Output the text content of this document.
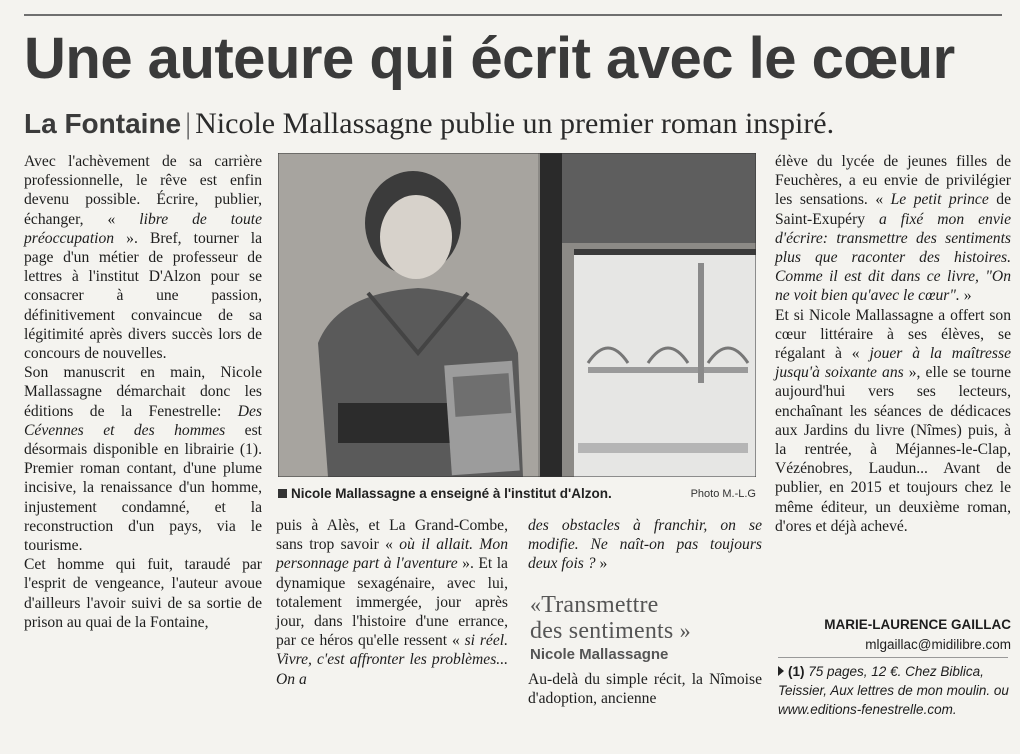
Une auteure qui écrit avec le cœur
La Fontaine | Nicole Mallassagne publie un premier roman inspiré.

Avec l'achèvement de sa carrière professionnelle, le rêve est enfin devenu possible. Écrire, publier, échanger, « libre de toute préoccupation ». Bref, tourner la page d'un métier de professeur de lettres à l'institut D'Alzon pour se consacrer à une passion, définitivement convaincue de sa légitimité après divers succès lors de concours de nouvelles.

Son manuscrit en main, Nicole Mallassagne démarchait donc les éditions de la Fenestrelle: Des Cévennes et des hommes est désormais disponible en librairie (1). Premier roman contant, d'une plume incisive, la renaissance d'un homme, injustement condamné, et la reconstruction d'un pays, via le tourisme.

Cet homme qui fuit, taraudé par l'esprit de vengeance, l'auteur avoue d'ailleurs l'avoir suivi de sa sortie de prison au quai de la Fontaine,

Nicole Mallassagne a enseigné à l'institut d'Alzon.	Photo M.-L.G

puis à Alès, et La Grand-Combe, sans trop savoir « où il allait. Mon personnage part à l'aventure ». Et la dynamique sexagénaire, avec lui, totalement immergée, jour après jour, dans l'histoire d'une errance, par ce héros qu'elle ressent « si réel. Vivre, c'est affronter les problèmes... On a

des obstacles à franchir, on se modifie. Ne naît-on pas toujours deux fois ? »

Au-delà du simple récit, la Nîmoise d'adoption, ancienne

«Transmettre
des sentiments »
Nicole Mallassagne

élève du lycée de jeunes filles de Feuchères, a eu envie de privilégier les sensations. « Le petit prince de Saint-Exupéry a fixé mon envie d'écrire: transmettre des sentiments plus que raconter des histoires. Comme il est dit dans ce livre, "On ne voit bien qu'avec le cœur". »

Et si Nicole Mallassagne a offert son cœur littéraire à ses élèves, se régalant à « jouer à la maîtresse jusqu'à soixante ans », elle se tourne aujourd'hui vers ses lecteurs, enchaînant les séances de dédicaces aux Jardins du livre (Nîmes) puis, à la rentrée, à Méjannes-le-Clap, Vézénobres, Laudun... Avant de publier, en 2015 et toujours chez le même éditeur, un deuxième roman, d'ores et déjà achevé.

MARIE-LAURENCE GAILLAC
mlgaillac@midilibre.com
(1) 75 pages, 12 €. Chez Biblica, Teissier, Aux lettres de mon moulin. ou www.editions-fenestrelle.com.
